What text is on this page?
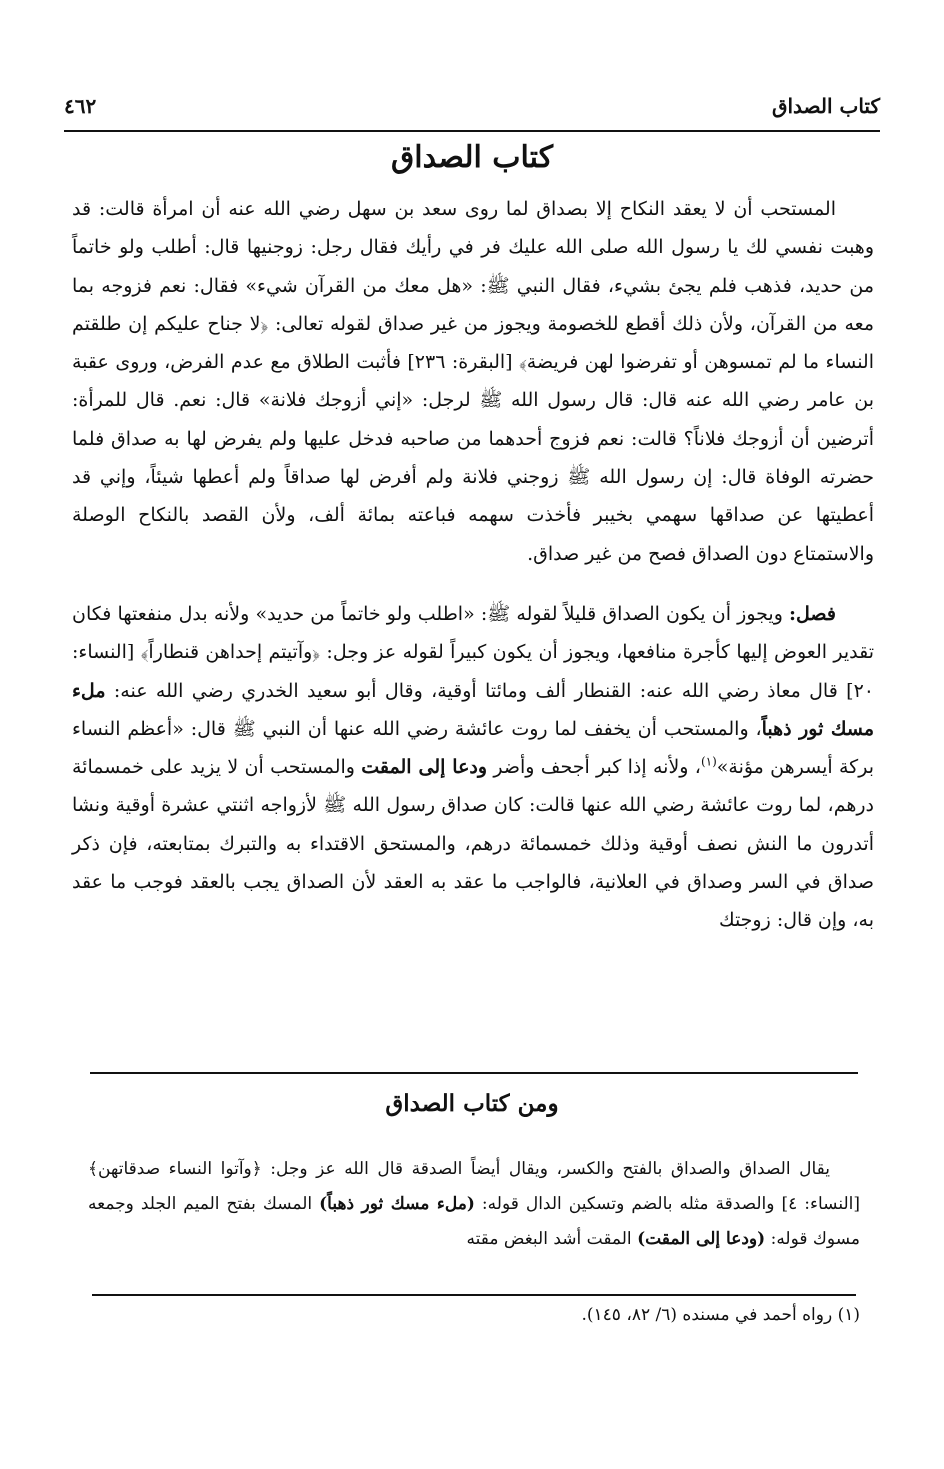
٤٦٢	كتاب الصداق
كتاب الصداق

المستحب أن لا يعقد النكاح إلا بصداق لما روى سعد بن سهل رضي الله عنه أن امرأة قالت: قد وهبت نفسي لك يا رسول الله صلى الله عليك فر في رأيك فقال رجل: زوجنيها قال: أطلب ولو خاتماً من حديد، فذهب فلم يجئ بشيء، فقال النبي ﷺ: «هل معك من القرآن شيء» فقال: نعم فزوجه بما معه من القرآن، ولأن ذلك أقطع للخصومة ويجوز من غير صداق لقوله تعالى: ﴿لا جناح عليكم إن طلقتم النساء ما لم تمسوهن أو تفرضوا لهن فريضة﴾ [البقرة: ٢٣٦] فأثبت الطلاق مع عدم الفرض، وروى عقبة بن عامر رضي الله عنه قال: قال رسول الله ﷺ لرجل: «إني أزوجك فلانة» قال: نعم. قال للمرأة: أترضين أن أزوجك فلاناً؟ قالت: نعم فزوج أحدهما من صاحبه فدخل عليها ولم يفرض لها به صداق فلما حضرته الوفاة قال: إن رسول الله ﷺ زوجني فلانة ولم أفرض لها صداقاً ولم أعطها شيئاً، وإني قد أعطيتها عن صداقها سهمي بخيبر فأخذت سهمه فباعته بمائة ألف، ولأن القصد بالنكاح الوصلة والاستمتاع دون الصداق فصح من غير صداق.

فصل: ويجوز أن يكون الصداق قليلاً لقوله ﷺ: «اطلب ولو خاتماً من حديد» ولأنه بدل منفعتها فكان تقدير العوض إليها كأجرة منافعها، ويجوز أن يكون كبيراً لقوله عز وجل: ﴿وآتيتم إحداهن قنطاراً﴾ [النساء: ٢٠] قال معاذ رضي الله عنه: القنطار ألف ومائتا أوقية، وقال أبو سعيد الخدري رضي الله عنه: ملء مسك ثور ذهباً، والمستحب أن يخفف لما روت عائشة رضي الله عنها أن النبي ﷺ قال: «أعظم النساء بركة أيسرهن مؤنة»$^{(١)}$، ولأنه إذا كبر أجحف وأضر ودعا إلى المقت والمستحب أن لا يزيد على خمسمائة درهم، لما روت عائشة رضي الله عنها قالت: كان صداق رسول الله ﷺ لأزواجه اثنتي عشرة أوقية ونشا أتدرون ما النش نصف أوقية وذلك خمسمائة درهم، والمستحق الاقتداء به والتبرك بمتابعته، فإن ذكر صداق في السر وصداق في العلانية، فالواجب ما عقد به العقد لأن الصداق يجب بالعقد فوجب ما عقد به، وإن قال: زوجتك

ومن كتاب الصداق

يقال الصداق والصداق بالفتح والكسر، ويقال أيضاً الصدقة قال الله عز وجل: ﴿وآتوا النساء صدقاتهن﴾ [النساء: ٤] والصدقة مثله بالضم وتسكين الدال قوله: (ملء مسك ثور ذهباً) المسك بفتح الميم الجلد وجمعه مسوك قوله: (ودعا إلى المقت) المقت أشد البغض مقته

(١) رواه أحمد في مسنده (٦/ ٨٢، ١٤٥).
